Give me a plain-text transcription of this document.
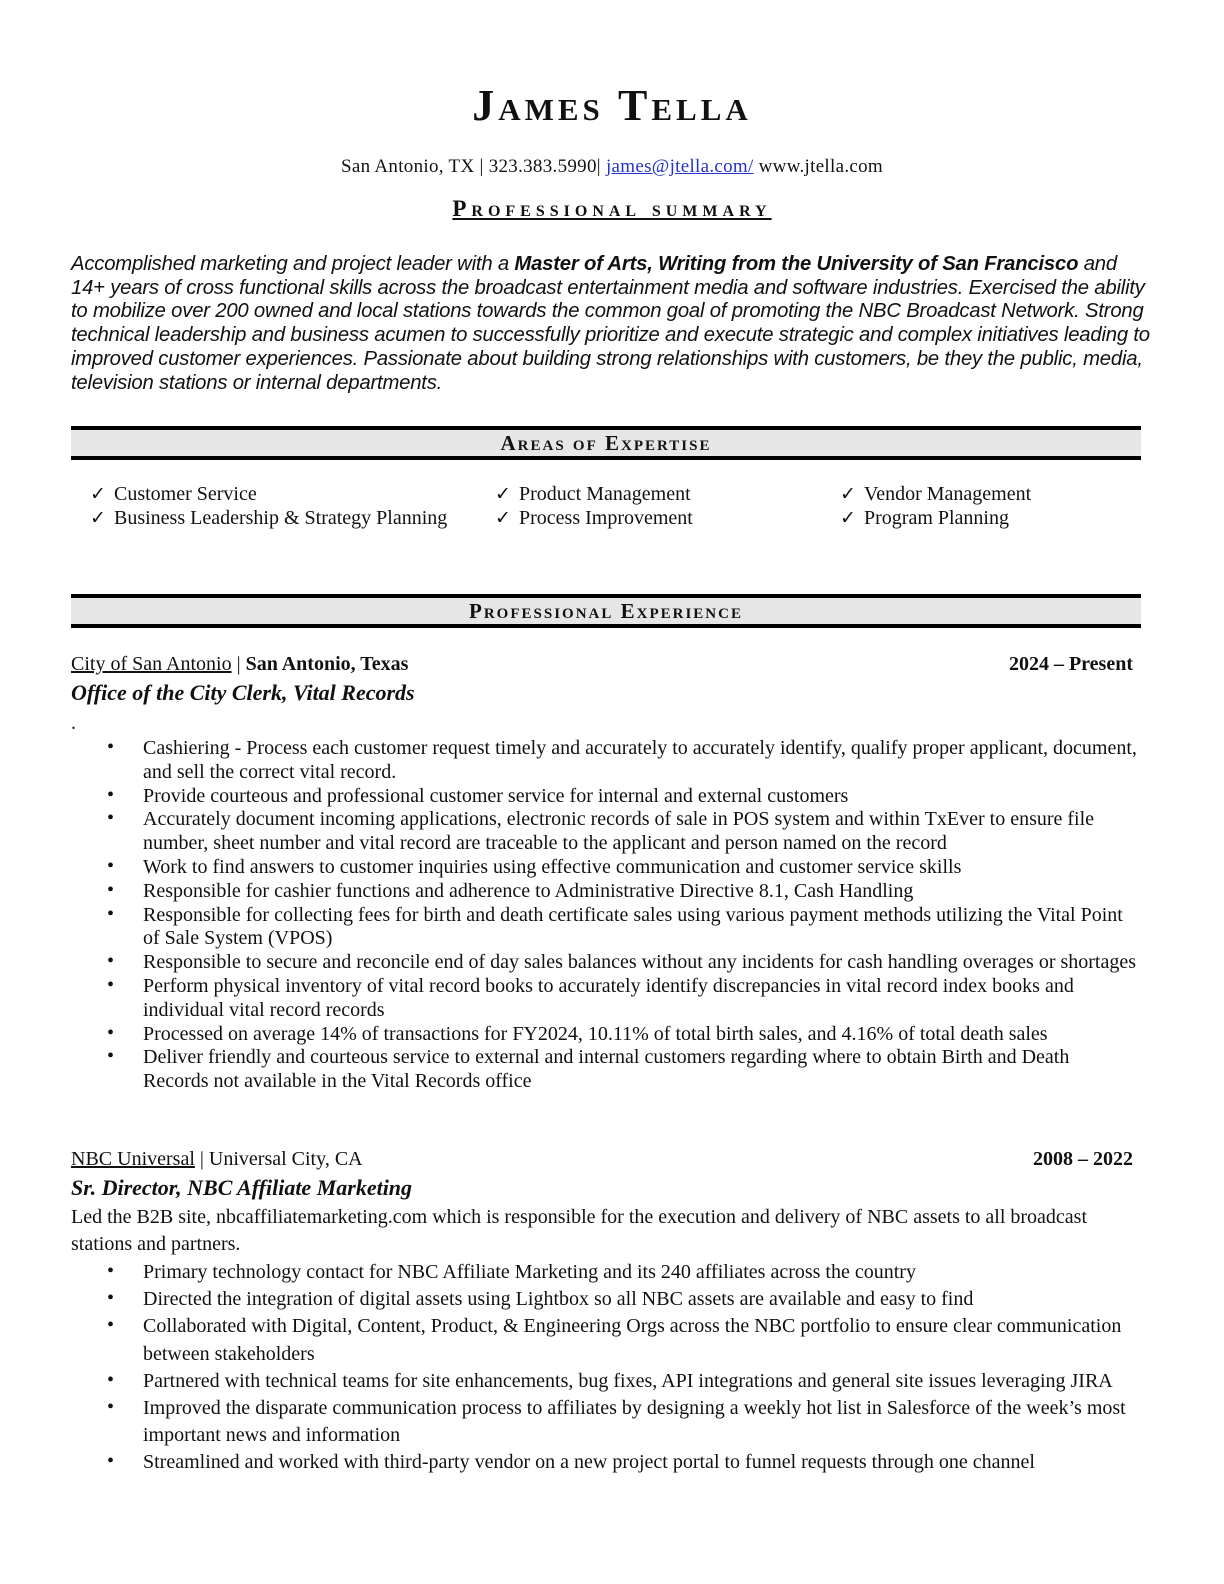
James Tella
San Antonio, TX | 323.383.5990| james@jtella.com/ www.jtella.com
Professional summary
Accomplished marketing and project leader with a Master of Arts, Writing from the University of San Francisco and 14+ years of cross functional skills across the broadcast entertainment media and software industries. Exercised the ability to mobilize over 200 owned and local stations towards the common goal of promoting the NBC Broadcast Network. Strong technical leadership and business acumen to successfully prioritize and execute strategic and complex initiatives leading to improved customer experiences. Passionate about building strong relationships with customers, be they the public, media, television stations or internal departments.
Areas of Expertise
✓ Customer Service
✓ Business Leadership & Strategy Planning
✓ Product Management
✓ Process Improvement
✓ Vendor Management
✓ Program Planning
Professional Experience
City of San Antonio | San Antonio, Texas	2024 – Present
Office of the City Clerk, Vital Records
.
• Cashiering - Process each customer request timely and accurately to accurately identify, qualify proper applicant, document, and sell the correct vital record.
• Provide courteous and professional customer service for internal and external customers
• Accurately document incoming applications, electronic records of sale in POS system and within TxEver to ensure file number, sheet number and vital record are traceable to the applicant and person named on the record
• Work to find answers to customer inquiries using effective communication and customer service skills
• Responsible for cashier functions and adherence to Administrative Directive 8.1, Cash Handling
• Responsible for collecting fees for birth and death certificate sales using various payment methods utilizing the Vital Point of Sale System (VPOS)
• Responsible to secure and reconcile end of day sales balances without any incidents for cash handling overages or shortages
• Perform physical inventory of vital record books to accurately identify discrepancies in vital record index books and individual vital record records
• Processed on average 14% of transactions for FY2024, 10.11% of total birth sales, and 4.16% of total death sales
• Deliver friendly and courteous service to external and internal customers regarding where to obtain Birth and Death Records not available in the Vital Records office
NBC Universal | Universal City, CA	2008 – 2022
Sr. Director, NBC Affiliate Marketing
Led the B2B site, nbcaffiliatemarketing.com which is responsible for the execution and delivery of NBC assets to all broadcast stations and partners.
• Primary technology contact for NBC Affiliate Marketing and its 240 affiliates across the country
• Directed the integration of digital assets using Lightbox so all NBC assets are available and easy to find
• Collaborated with Digital, Content, Product, & Engineering Orgs across the NBC portfolio to ensure clear communication between stakeholders
• Partnered with technical teams for site enhancements, bug fixes, API integrations and general site issues leveraging JIRA
• Improved the disparate communication process to affiliates by designing a weekly hot list in Salesforce of the week’s most important news and information
• Streamlined and worked with third-party vendor on a new project portal to funnel requests through one channel
